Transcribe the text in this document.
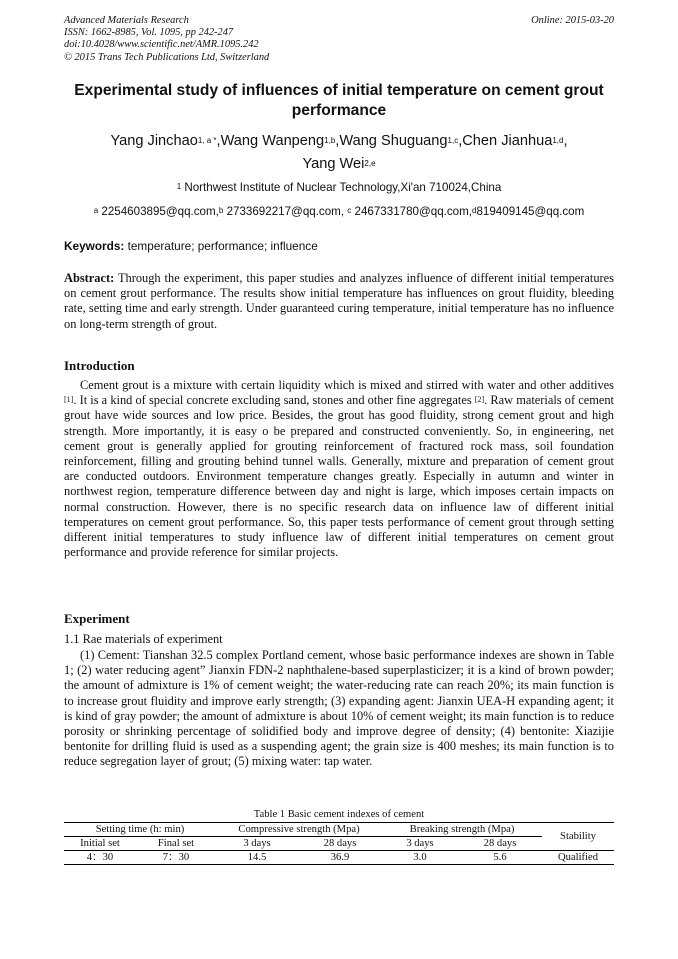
Advanced Materials Research
ISSN: 1662-8985, Vol. 1095, pp 242-247
doi:10.4028/www.scientific.net/AMR.1095.242
© 2015 Trans Tech Publications Ltd, Switzerland
Online: 2015-03-20
Experimental study of influences of initial temperature on cement grout performance
Yang Jinchao$^{1, a *}$,Wang Wanpeng$^{1,b}$,Wang Shuguang$^{1,c}$,Chen Jianhua$^{1,d}$,
Yang Wei$^{2,e}$
$^1$ Northwest Institute of Nuclear Technology,Xi'an 710024,China
$^a$ 2254603895@qq.com,$^b$ 2733692217@qq.com, $^c$ 2467331780@qq.com,$^d$819409145@qq.com
Keywords: temperature; performance; influence
Abstract: Through the experiment, this paper studies and analyzes influence of different initial temperatures on cement grout performance. The results show initial temperature has influences on grout fluidity, bleeding rate, setting time and early strength. Under guaranteed curing temperature, initial temperature has no influence on long-term strength of grout.
Introduction
Cement grout is a mixture with certain liquidity which is mixed and stirred with water and other additives [1]. It is a kind of special concrete excluding sand, stones and other fine aggregates [2]. Raw materials of cement grout have wide sources and low price. Besides, the grout has good fluidity, strong cement grout and high strength. More importantly, it is easy o be prepared and constructed conveniently. So, in engineering, net cement grout is generally applied for grouting reinforcement of fractured rock mass, soil foundation reinforcement, filling and grouting behind tunnel walls. Generally, mixture and preparation of cement grout are conducted outdoors. Environment temperature changes greatly. Especially in autumn and winter in northwest region, temperature difference between day and night is large, which imposes certain impacts on normal construction. However, there is no specific research data on influence law of different initial temperatures on cement grout performance. So, this paper tests performance of cement grout through setting different initial temperatures to study influence law of different initial temperatures on cement grout performance and provide reference for similar projects.
Experiment
1.1 Rae materials of experiment
(1) Cement: Tianshan 32.5 complex Portland cement, whose basic performance indexes are shown in Table 1; (2) water reducing agent” Jianxin FDN-2 naphthalene-based superplasticizer; it is a kind of brown powder; the amount of admixture is 1% of cement weight; the water-reducing rate can reach 20%; its main function is to increase grout fluidity and improve early strength; (3) expanding agent: Jianxin UEA-H expanding agent; it is kind of gray powder; the amount of admixture is about 10% of cement weight; its main function is to reduce porosity or shrinking percentage of solidified body and improve degree of density; (4) bentonite: Xiazijie bentonite for drilling fluid is used as a suspending agent; the grain size is 400 meshes; its main function is to reduce segregation layer of grout; (5) mixing water: tap water.
Table 1 Basic cement indexes of cement
Setting time (h: min)		Compressive strength (Mpa)		Breaking strength (Mpa)		Stability
Initial set	Final set	3 days	28 days	3 days	28 days	
4：30	7：30	14.5	36.9	3.0	5.6	Qualified
